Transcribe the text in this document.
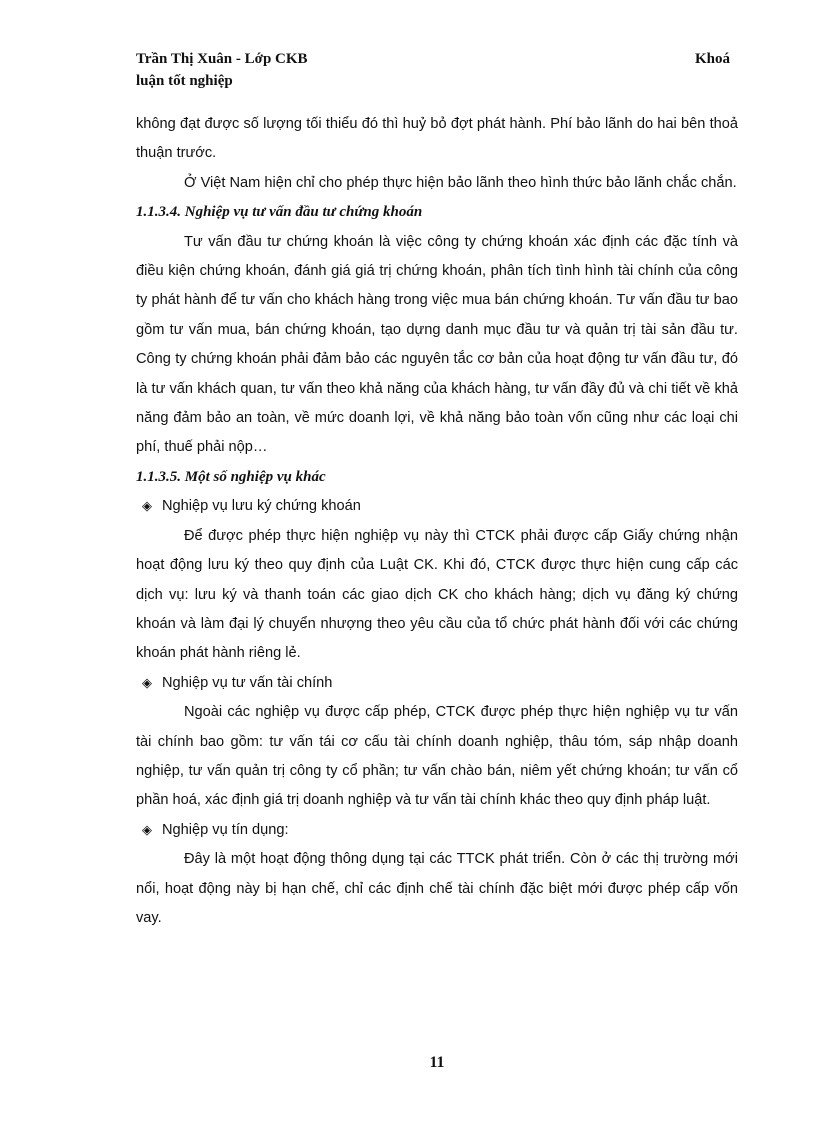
Trần Thị Xuân - Lớp CKB	Khoá
luận tốt nghiệp

không đạt được số lượng tối thiểu đó thì huỷ bỏ đợt phát hành. Phí bảo lãnh do hai bên thoả thuận trước.

Ở Việt Nam hiện chỉ cho phép thực hiện bảo lãnh theo hình thức bảo lãnh chắc chắn.

1.1.3.4. Nghiệp vụ tư vấn đầu tư chứng khoán

Tư vấn đầu tư chứng khoán là việc công ty chứng khoán xác định các đặc tính và điều kiện chứng khoán, đánh giá giá trị chứng khoán, phân tích tình hình tài chính của công ty phát hành để tư vấn cho khách hàng trong việc mua bán chứng khoán. Tư vấn đầu tư bao gồm tư vấn mua, bán chứng khoán, tạo dựng danh mục đầu tư và quản trị tài sản đầu tư. Công ty chứng khoán phải đảm bảo các nguyên tắc cơ bản của hoạt động tư vấn đầu tư, đó là tư vấn khách quan, tư vấn theo khả năng của khách hàng, tư vấn đầy đủ và chi tiết về khả năng đảm bảo an toàn, về mức doanh lợi, về khả năng bảo toàn vốn cũng như các loại chi phí, thuế phải nộp…

1.1.3.5. Một số nghiệp vụ khác
◈ Nghiệp vụ lưu ký chứng khoán

Để được phép thực hiện nghiệp vụ này thì CTCK phải được cấp Giấy chứng nhận hoạt động lưu ký theo quy định của Luật CK. Khi đó, CTCK được thực hiện cung cấp các dịch vụ: lưu ký và thanh toán các giao dịch CK cho khách hàng; dịch vụ đăng ký chứng khoán và làm đại lý chuyển nhượng theo yêu cầu của tổ chức phát hành đối với các chứng khoán phát hành riêng lẻ.

◈ Nghiệp vụ tư vấn tài chính

Ngoài các nghiệp vụ được cấp phép, CTCK được phép thực hiện nghiệp vụ tư vấn tài chính bao gồm: tư vấn tái cơ cấu tài chính doanh nghiệp, thâu tóm, sáp nhập doanh nghiệp, tư vấn quản trị công ty cổ phần; tư vấn chào bán, niêm yết chứng khoán; tư vấn cổ phần hoá, xác định giá trị doanh nghiệp và tư vấn tài chính khác theo quy định pháp luật.

◈ Nghiệp vụ tín dụng:

Đây là một hoạt động thông dụng tại các TTCK phát triển. Còn ở các thị trường mới nổi, hoạt động này bị hạn chế, chỉ các định chế tài chính đặc biệt mới được phép cấp vốn vay.

11
